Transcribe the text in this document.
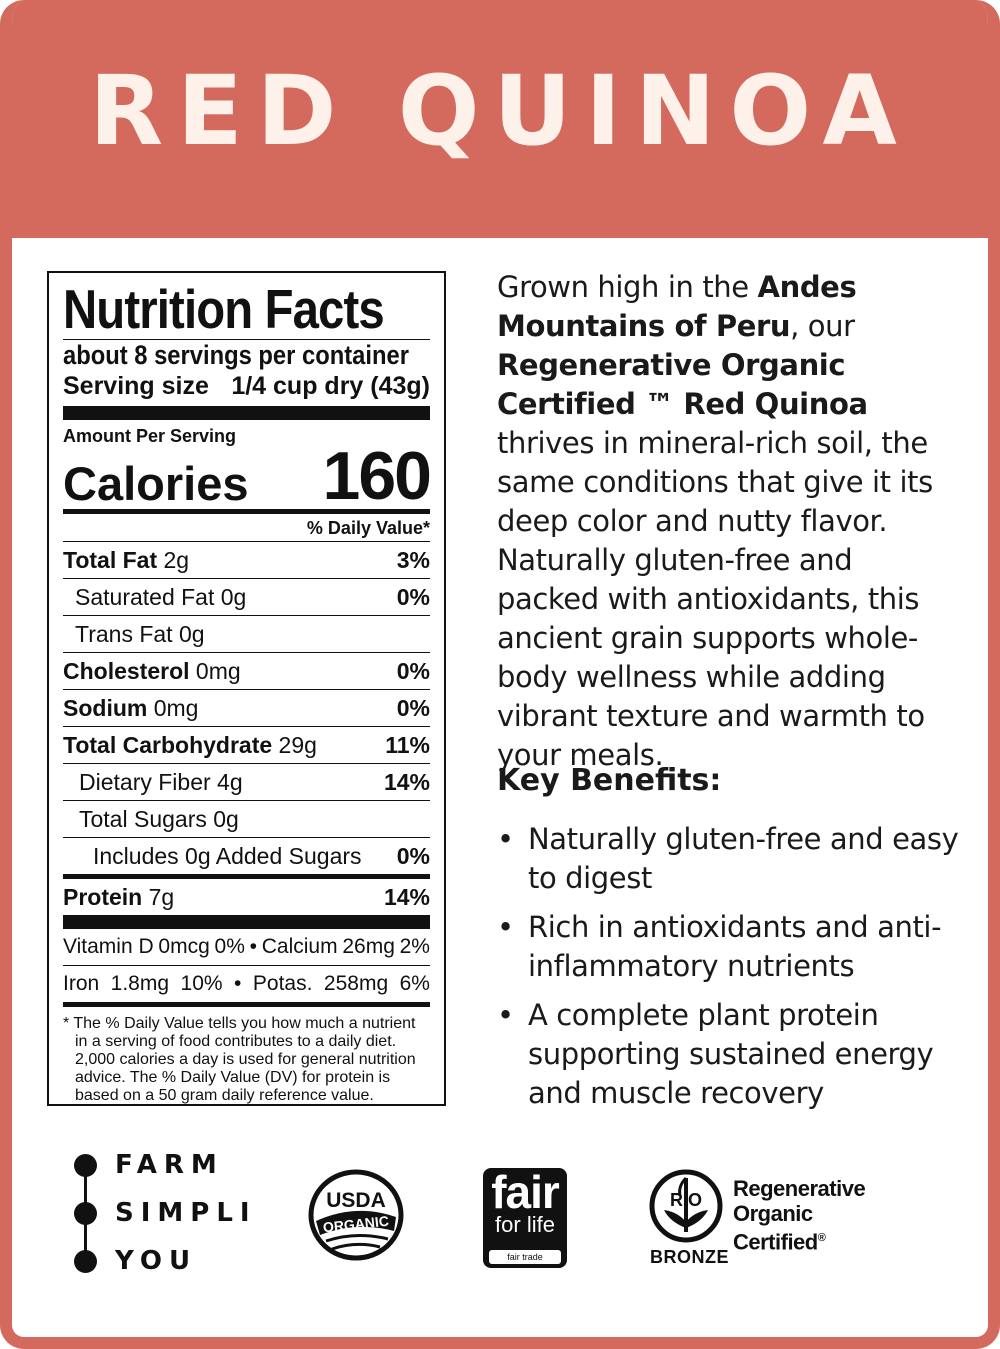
RED QUINOA
Nutrition Facts
about 8 servings per container
Serving size 1/4 cup dry (43g)
Amount Per Serving
Calories 160
% Daily Value*
Total Fat 2g	3%
Saturated Fat 0g	0%
Trans Fat 0g
Cholesterol 0mg	0%
Sodium 0mg	0%
Total Carbohydrate 29g	11%
Dietary Fiber 4g	14%
Total Sugars 0g
Includes 0g Added Sugars 0%
Protein 7g	14%
Vitamin D 0mcg 0% • Calcium 26mg 2%
Iron 1.8mg 10% • Potas. 258mg 6%
* The % Daily Value tells you how much a nutrient in a serving of food contributes to a daily diet. 2,000 calories a day is used for general nutrition advice. The % Daily Value (DV) for protein is based on a 50 gram daily reference value.
Grown high in the Andes Mountains of Peru, our Regenerative Organic Certified ™ Red Quinoa thrives in mineral-rich soil, the same conditions that give it its deep color and nutty flavor. Naturally gluten-free and packed with antioxidants, this ancient grain supports whole-body wellness while adding vibrant texture and warmth to your meals.
Key Benefits:
• Naturally gluten-free and easy to digest
• Rich in antioxidants and anti-inflammatory nutrients
• A complete plant protein supporting sustained energy and muscle recovery
FARM
SIMPLI
YOU
USDA
ORGANIC
fair
for life
fair trade
R O Regenerative
Organic
Certified®
BRONZE
